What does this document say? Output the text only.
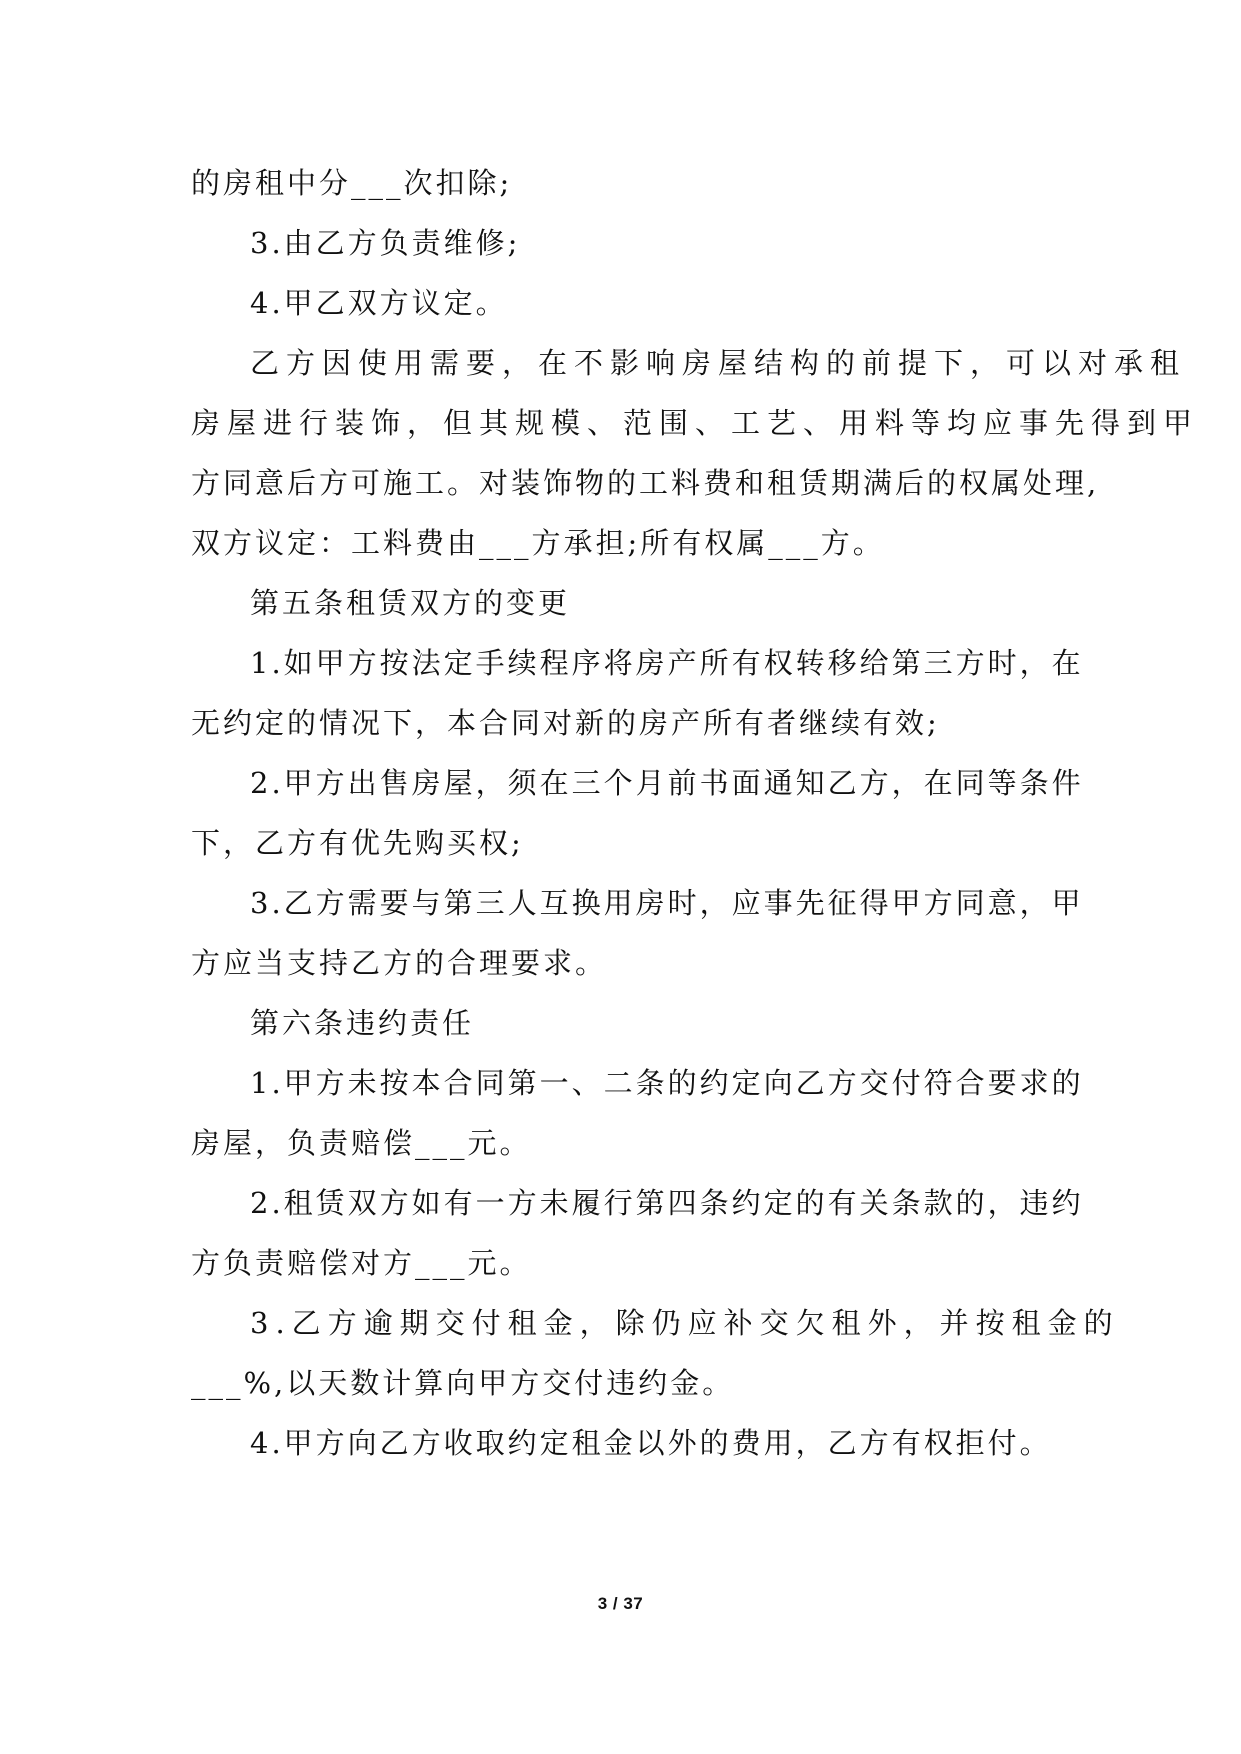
的房租中分___次扣除;
3.由乙方负责维修;
4.甲乙双方议定。
乙方因使用需要，在不影响房屋结构的前提下，可以对承租
房屋进行装饰，但其规模、范围、工艺、用料等均应事先得到甲
方同意后方可施工。对装饰物的工料费和租赁期满后的权属处理,
双方议定：工料费由___方承担;所有权属___方。
第五条租赁双方的变更
1.如甲方按法定手续程序将房产所有权转移给第三方时，在
无约定的情况下，本合同对新的房产所有者继续有效;
2.甲方出售房屋，须在三个月前书面通知乙方，在同等条件
下，乙方有优先购买权;
3.乙方需要与第三人互换用房时，应事先征得甲方同意，甲
方应当支持乙方的合理要求。
第六条违约责任
1.甲方未按本合同第一、二条的约定向乙方交付符合要求的
房屋，负责赔偿___元。
2.租赁双方如有一方未履行第四条约定的有关条款的，违约
方负责赔偿对方___元。
3.乙方逾期交付租金，除仍应补交欠租外，并按租金的
___%,以天数计算向甲方交付违约金。
4.甲方向乙方收取约定租金以外的费用，乙方有权拒付。
3 / 37
